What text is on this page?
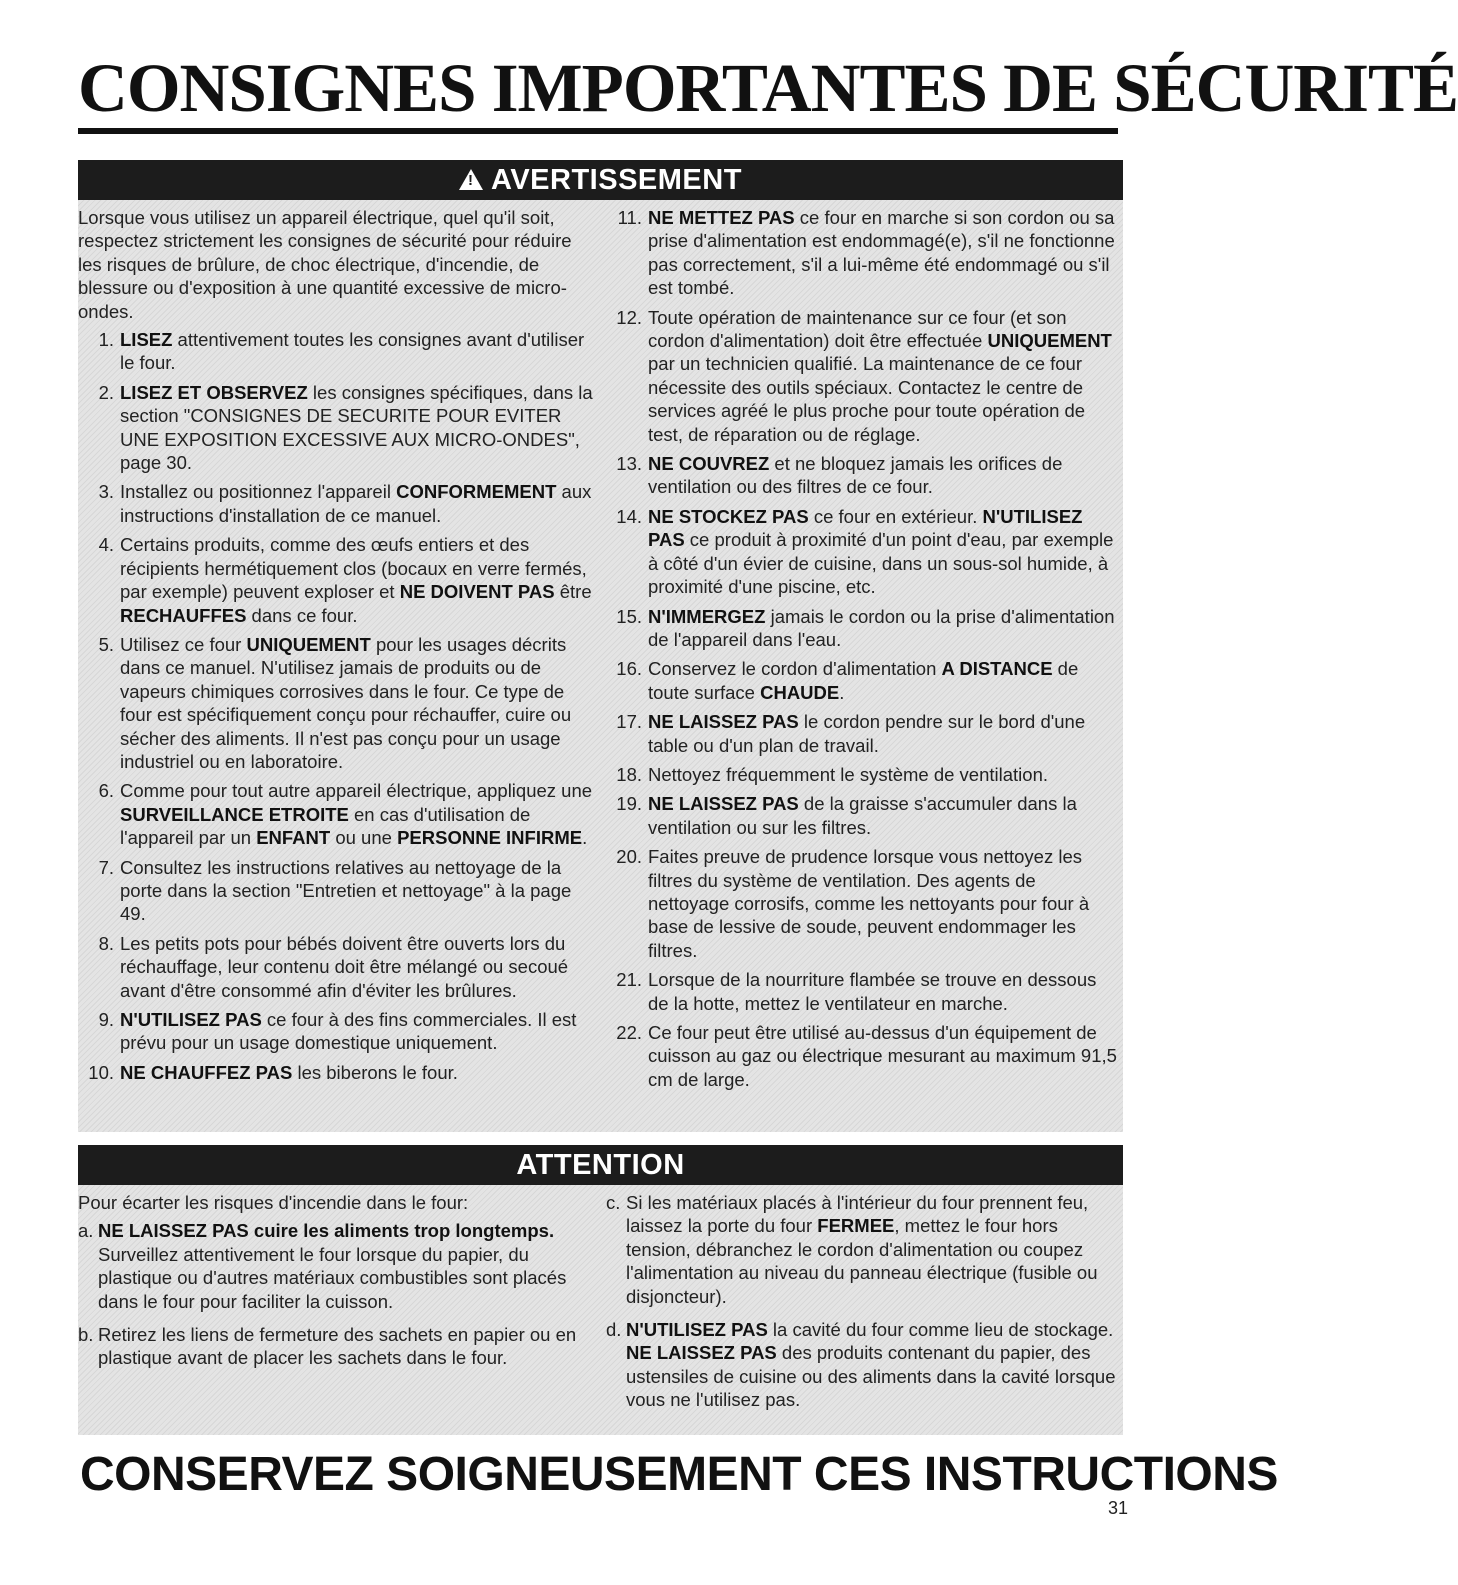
CONSIGNES IMPORTANTES DE SÉCURITÉ
!AVERTISSEMENT

Lorsque vous utilisez un appareil électrique, quel qu'il soit, respectez strictement les consignes de sécurité pour réduire les risques de brûlure, de choc électrique, d'incendie, de blessure ou d'exposition à une quantité excessive de micro-ondes.

1. LISEZ attentivement toutes les consignes avant d'utiliser le four.
2. LISEZ ET OBSERVEZ les consignes spécifiques, dans la section "CONSIGNES DE SECURITE POUR EVITER UNE EXPOSITION EXCESSIVE AUX MICRO-ONDES", page 30.
3. Installez ou positionnez l'appareil CONFORMEMENT aux instructions d'installation de ce manuel.
4. Certains produits, comme des œufs entiers et des récipients hermétiquement clos (bocaux en verre fermés, par exemple) peuvent exploser et NE DOIVENT PAS être RECHAUFFES dans ce four.
5. Utilisez ce four UNIQUEMENT pour les usages décrits dans ce manuel. N'utilisez jamais de produits ou de vapeurs chimiques corrosives dans le four. Ce type de four est spécifiquement conçu pour réchauffer, cuire ou sécher des aliments. Il n'est pas conçu pour un usage industriel ou en laboratoire.
6. Comme pour tout autre appareil électrique, appliquez une SURVEILLANCE ETROITE en cas d'utilisation de l'appareil par un ENFANT ou une PERSONNE INFIRME.
7. Consultez les instructions relatives au nettoyage de la porte dans la section "Entretien et nettoyage" à la page 49.
8. Les petits pots pour bébés doivent être ouverts lors du réchauffage, leur contenu doit être mélangé ou secoué avant d'être consommé afin d'éviter les brûlures.
9. N'UTILISEZ PAS ce four à des fins commerciales. Il est prévu pour un usage domestique uniquement.
10. NE CHAUFFEZ PAS les biberons le four.
11. NE METTEZ PAS ce four en marche si son cordon ou sa prise d'alimentation est endommagé(e), s'il ne fonctionne pas correctement, s'il a lui-même été endommagé ou s'il est tombé.
12. Toute opération de maintenance sur ce four (et son cordon d'alimentation) doit être effectuée UNIQUEMENT par un technicien qualifié. La maintenance de ce four nécessite des outils spéciaux. Contactez le centre de services agréé le plus proche pour toute opération de test, de réparation ou de réglage.
13. NE COUVREZ et ne bloquez jamais les orifices de ventilation ou des filtres de ce four.
14. NE STOCKEZ PAS ce four en extérieur. N'UTILISEZ PAS ce produit à proximité d'un point d'eau, par exemple à côté d'un évier de cuisine, dans un sous-sol humide, à proximité d'une piscine, etc.
15. N'IMMERGEZ jamais le cordon ou la prise d'alimentation de l'appareil dans l'eau.
16. Conservez le cordon d'alimentation A DISTANCE de toute surface CHAUDE.
17. NE LAISSEZ PAS le cordon pendre sur le bord d'une table ou d'un plan de travail.
18. Nettoyez fréquemment le système de ventilation.
19. NE LAISSEZ PAS de la graisse s'accumuler dans la ventilation ou sur les filtres.
20. Faites preuve de prudence lorsque vous nettoyez les filtres du système de ventilation. Des agents de nettoyage corrosifs, comme les nettoyants pour four à base de lessive de soude, peuvent endommager les filtres.
21. Lorsque de la nourriture flambée se trouve en dessous de la hotte, mettez le ventilateur en marche.
22. Ce four peut être utilisé au-dessus d'un équipement de cuisson au gaz ou électrique mesurant au maximum 91,5 cm de large.
ATTENTION

Pour écarter les risques d'incendie dans le four:

a. NE LAISSEZ PAS cuire les aliments trop longtemps. Surveillez attentivement le four lorsque du papier, du plastique ou d'autres matériaux combustibles sont placés dans le four pour faciliter la cuisson.
b. Retirez les liens de fermeture des sachets en papier ou en plastique avant de placer les sachets dans le four.
c. Si les matériaux placés à l'intérieur du four prennent feu, laissez la porte du four FERMEE, mettez le four hors tension, débranchez le cordon d'alimentation ou coupez l'alimentation au niveau du panneau électrique (fusible ou disjoncteur).
d. N'UTILISEZ PAS la cavité du four comme lieu de stockage. NE LAISSEZ PAS des produits contenant du papier, des ustensiles de cuisine ou des aliments dans la cavité lorsque vous ne l'utilisez pas.
CONSERVEZ SOIGNEUSEMENT CES INSTRUCTIONS
31
